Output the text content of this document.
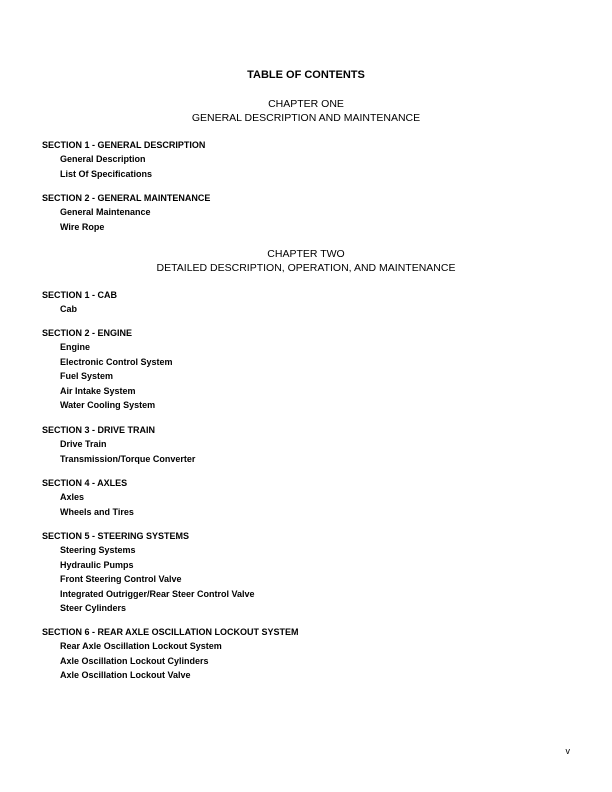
TABLE OF CONTENTS
CHAPTER ONE
GENERAL DESCRIPTION AND MAINTENANCE
SECTION 1 - GENERAL DESCRIPTION
General Description
List Of Specifications
SECTION 2 - GENERAL MAINTENANCE
General Maintenance
Wire Rope
CHAPTER TWO
DETAILED DESCRIPTION, OPERATION, AND MAINTENANCE
SECTION 1 - CAB
Cab
SECTION 2 - ENGINE
Engine
Electronic Control System
Fuel System
Air Intake System
Water Cooling System
SECTION 3 - DRIVE TRAIN
Drive Train
Transmission/Torque Converter
SECTION 4 - AXLES
Axles
Wheels and Tires
SECTION 5 - STEERING SYSTEMS
Steering Systems
Hydraulic Pumps
Front Steering Control Valve
Integrated Outrigger/Rear Steer Control Valve
Steer Cylinders
SECTION 6 - REAR AXLE OSCILLATION LOCKOUT SYSTEM
Rear Axle Oscillation Lockout System
Axle Oscillation Lockout Cylinders
Axle Oscillation Lockout Valve
v
